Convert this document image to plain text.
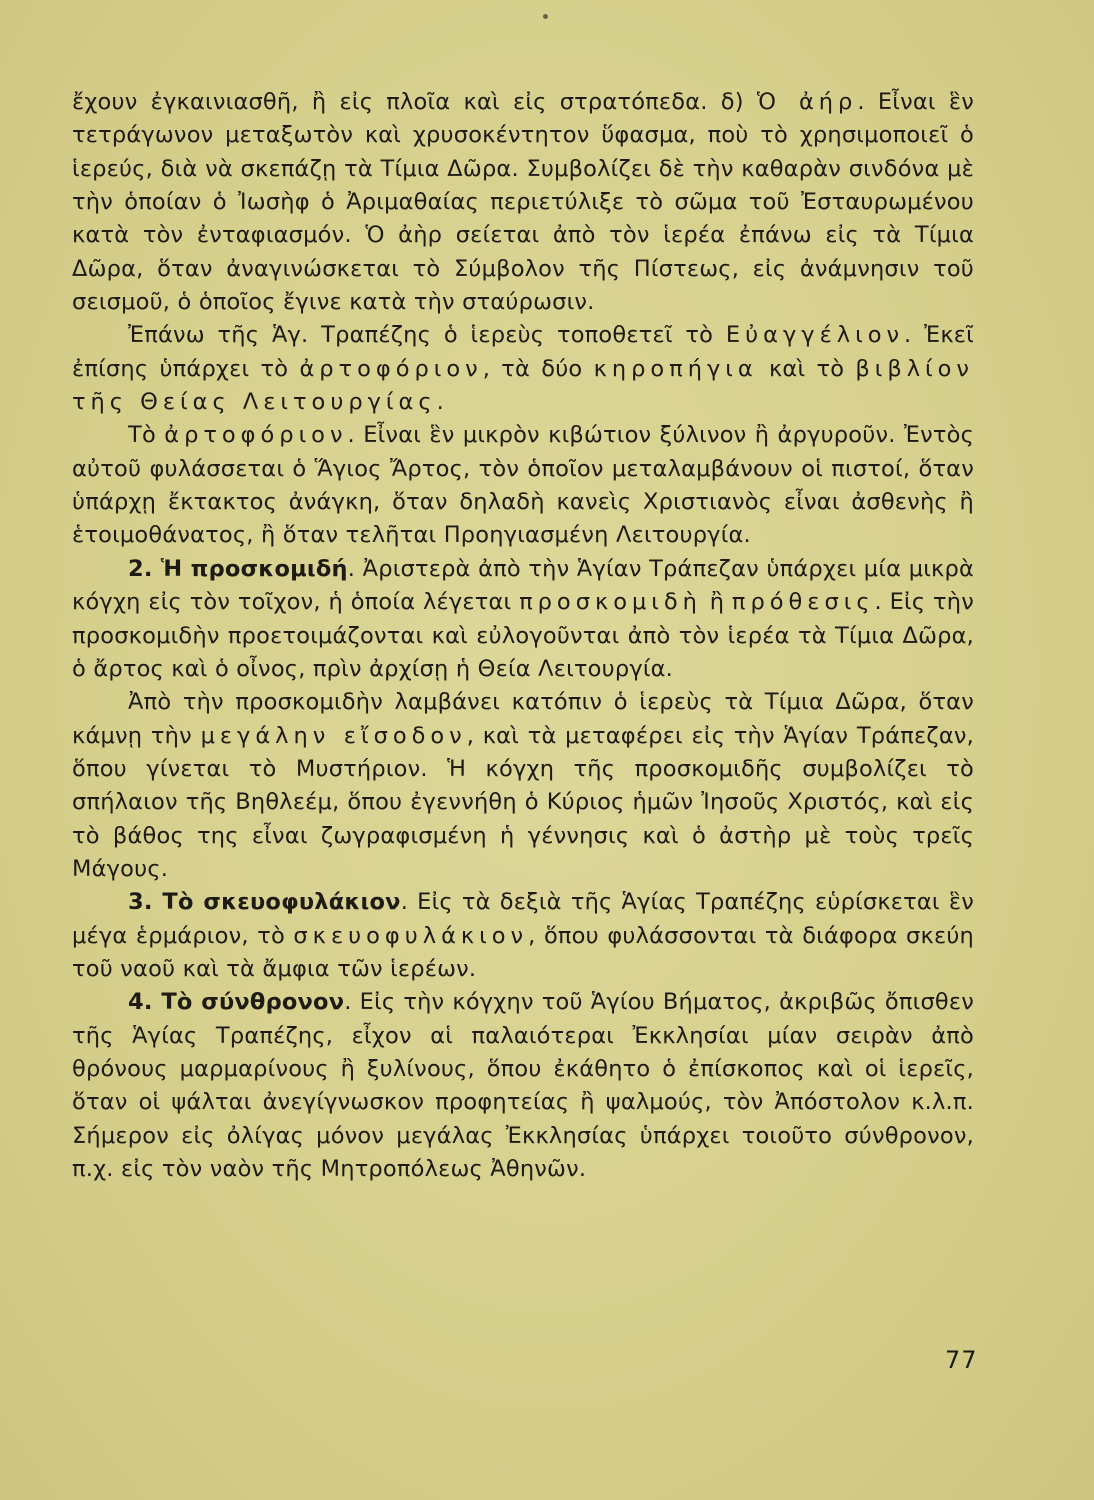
ἔχουν ἐγκαινιασθῆ, ἢ εἰς πλοῖα καὶ εἰς στρατόπεδα. δ) Ὁ ἀήρ. Εἶναι ἓν τετράγωνον μεταξωτὸν καὶ χρυσοκέντητον ὕφασμα, ποὺ τὸ χρησιμοποιεῖ ὁ ἱερεύς, διὰ νὰ σκεπάζῃ τὰ Τίμια Δῶρα. Συμβολίζει δὲ τὴν καθαρὰν σινδόνα μὲ τὴν ὁποίαν ὁ Ἰωσὴφ ὁ Ἀριμαθαίας περιετύλιξε τὸ σῶμα τοῦ Ἐσταυρωμένου κατὰ τὸν ἐνταφιασμόν. Ὁ ἀὴρ σείεται ἀπὸ τὸν ἱερέα ἐπάνω εἰς τὰ Τίμια Δῶρα, ὅταν ἀναγινώσκεται τὸ Σύμβολον τῆς Πίστεως, εἰς ἀνάμνησιν τοῦ σεισμοῦ, ὁ ὁποῖος ἔγινε κατὰ τὴν σταύρωσιν.

Ἐπάνω τῆς Ἁγ. Τραπέζης ὁ ἱερεὺς τοποθετεῖ τὸ Εὐαγγέλιον. Ἐκεῖ ἐπίσης ὑπάρχει τὸ ἀρτοφόριον, τὰ δύο κηροπήγια καὶ τὸ βιβλίον τῆς Θείας Λειτουργίας.

Τὸ ἀρτοφόριον. Εἶναι ἓν μικρὸν κιβώτιον ξύλινον ἢ ἀργυροῦν. Ἐντὸς αὐτοῦ φυλάσσεται ὁ Ἅγιος Ἄρτος, τὸν ὁποῖον μεταλαμβάνουν οἱ πιστοί, ὅταν ὑπάρχῃ ἔκτακτος ἀνάγκη, ὅταν δηλαδὴ κανεὶς Χριστιανὸς εἶναι ἀσθενὴς ἢ ἑτοιμοθάνατος, ἢ ὅταν τελῆται Προηγιασμένη Λειτουργία.

2. Ἡ προσκομιδή. Ἀριστερὰ ἀπὸ τὴν Ἁγίαν Τράπεζαν ὑπάρχει μία μικρὰ κόγχη εἰς τὸν τοῖχον, ἡ ὁποία λέγεται προσκομιδὴ ἢ πρόθεσις. Εἰς τὴν προσκομιδὴν προετοιμάζονται καὶ εὐλογοῦνται ἀπὸ τὸν ἱερέα τὰ Τίμια Δῶρα, ὁ ἄρτος καὶ ὁ οἶνος, πρὶν ἀρχίσῃ ἡ Θεία Λειτουργία.

Ἀπὸ τὴν προσκομιδὴν λαμβάνει κατόπιν ὁ ἱερεὺς τὰ Τίμια Δῶρα, ὅταν κάμνῃ τὴν μεγάλην εἴσοδον, καὶ τὰ μεταφέρει εἰς τὴν Ἁγίαν Τράπεζαν, ὅπου γίνεται τὸ Μυστήριον. Ἡ κόγχη τῆς προσκομιδῆς συμβολίζει τὸ σπήλαιον τῆς Βηθλεέμ, ὅπου ἐγεννήθη ὁ Κύριος ἡμῶν Ἰησοῦς Χριστός, καὶ εἰς τὸ βάθος της εἶναι ζωγραφισμένη ἡ γέννησις καὶ ὁ ἀστὴρ μὲ τοὺς τρεῖς Μάγους.

3. Τὸ σκευοφυλάκιον. Εἰς τὰ δεξιὰ τῆς Ἁγίας Τραπέζης εὑρίσκεται ἓν μέγα ἑρμάριον, τὸ σκευοφυλάκιον, ὅπου φυλάσσονται τὰ διάφορα σκεύη τοῦ ναοῦ καὶ τὰ ἄμφια τῶν ἱερέων.

4. Τὸ σύνθρονον. Εἰς τὴν κόγχην τοῦ Ἁγίου Βήματος, ἀκριβῶς ὄπισθεν τῆς Ἁγίας Τραπέζης, εἶχον αἱ παλαιότεραι Ἐκκλησίαι μίαν σειρὰν ἀπὸ θρόνους μαρμαρίνους ἢ ξυλίνους, ὅπου ἐκάθητο ὁ ἐπίσκοπος καὶ οἱ ἱερεῖς, ὅταν οἱ ψάλται ἀνεγίγνωσκον προφητείας ἢ ψαλμούς, τὸν Ἀπόστολον κ.λ.π. Σήμερον εἰς ὀλίγας μόνον μεγάλας Ἐκκλησίας ὑπάρχει τοιοῦτο σύνθρονον, π.χ. εἰς τὸν ναὸν τῆς Μητροπόλεως Ἀθηνῶν.

77
